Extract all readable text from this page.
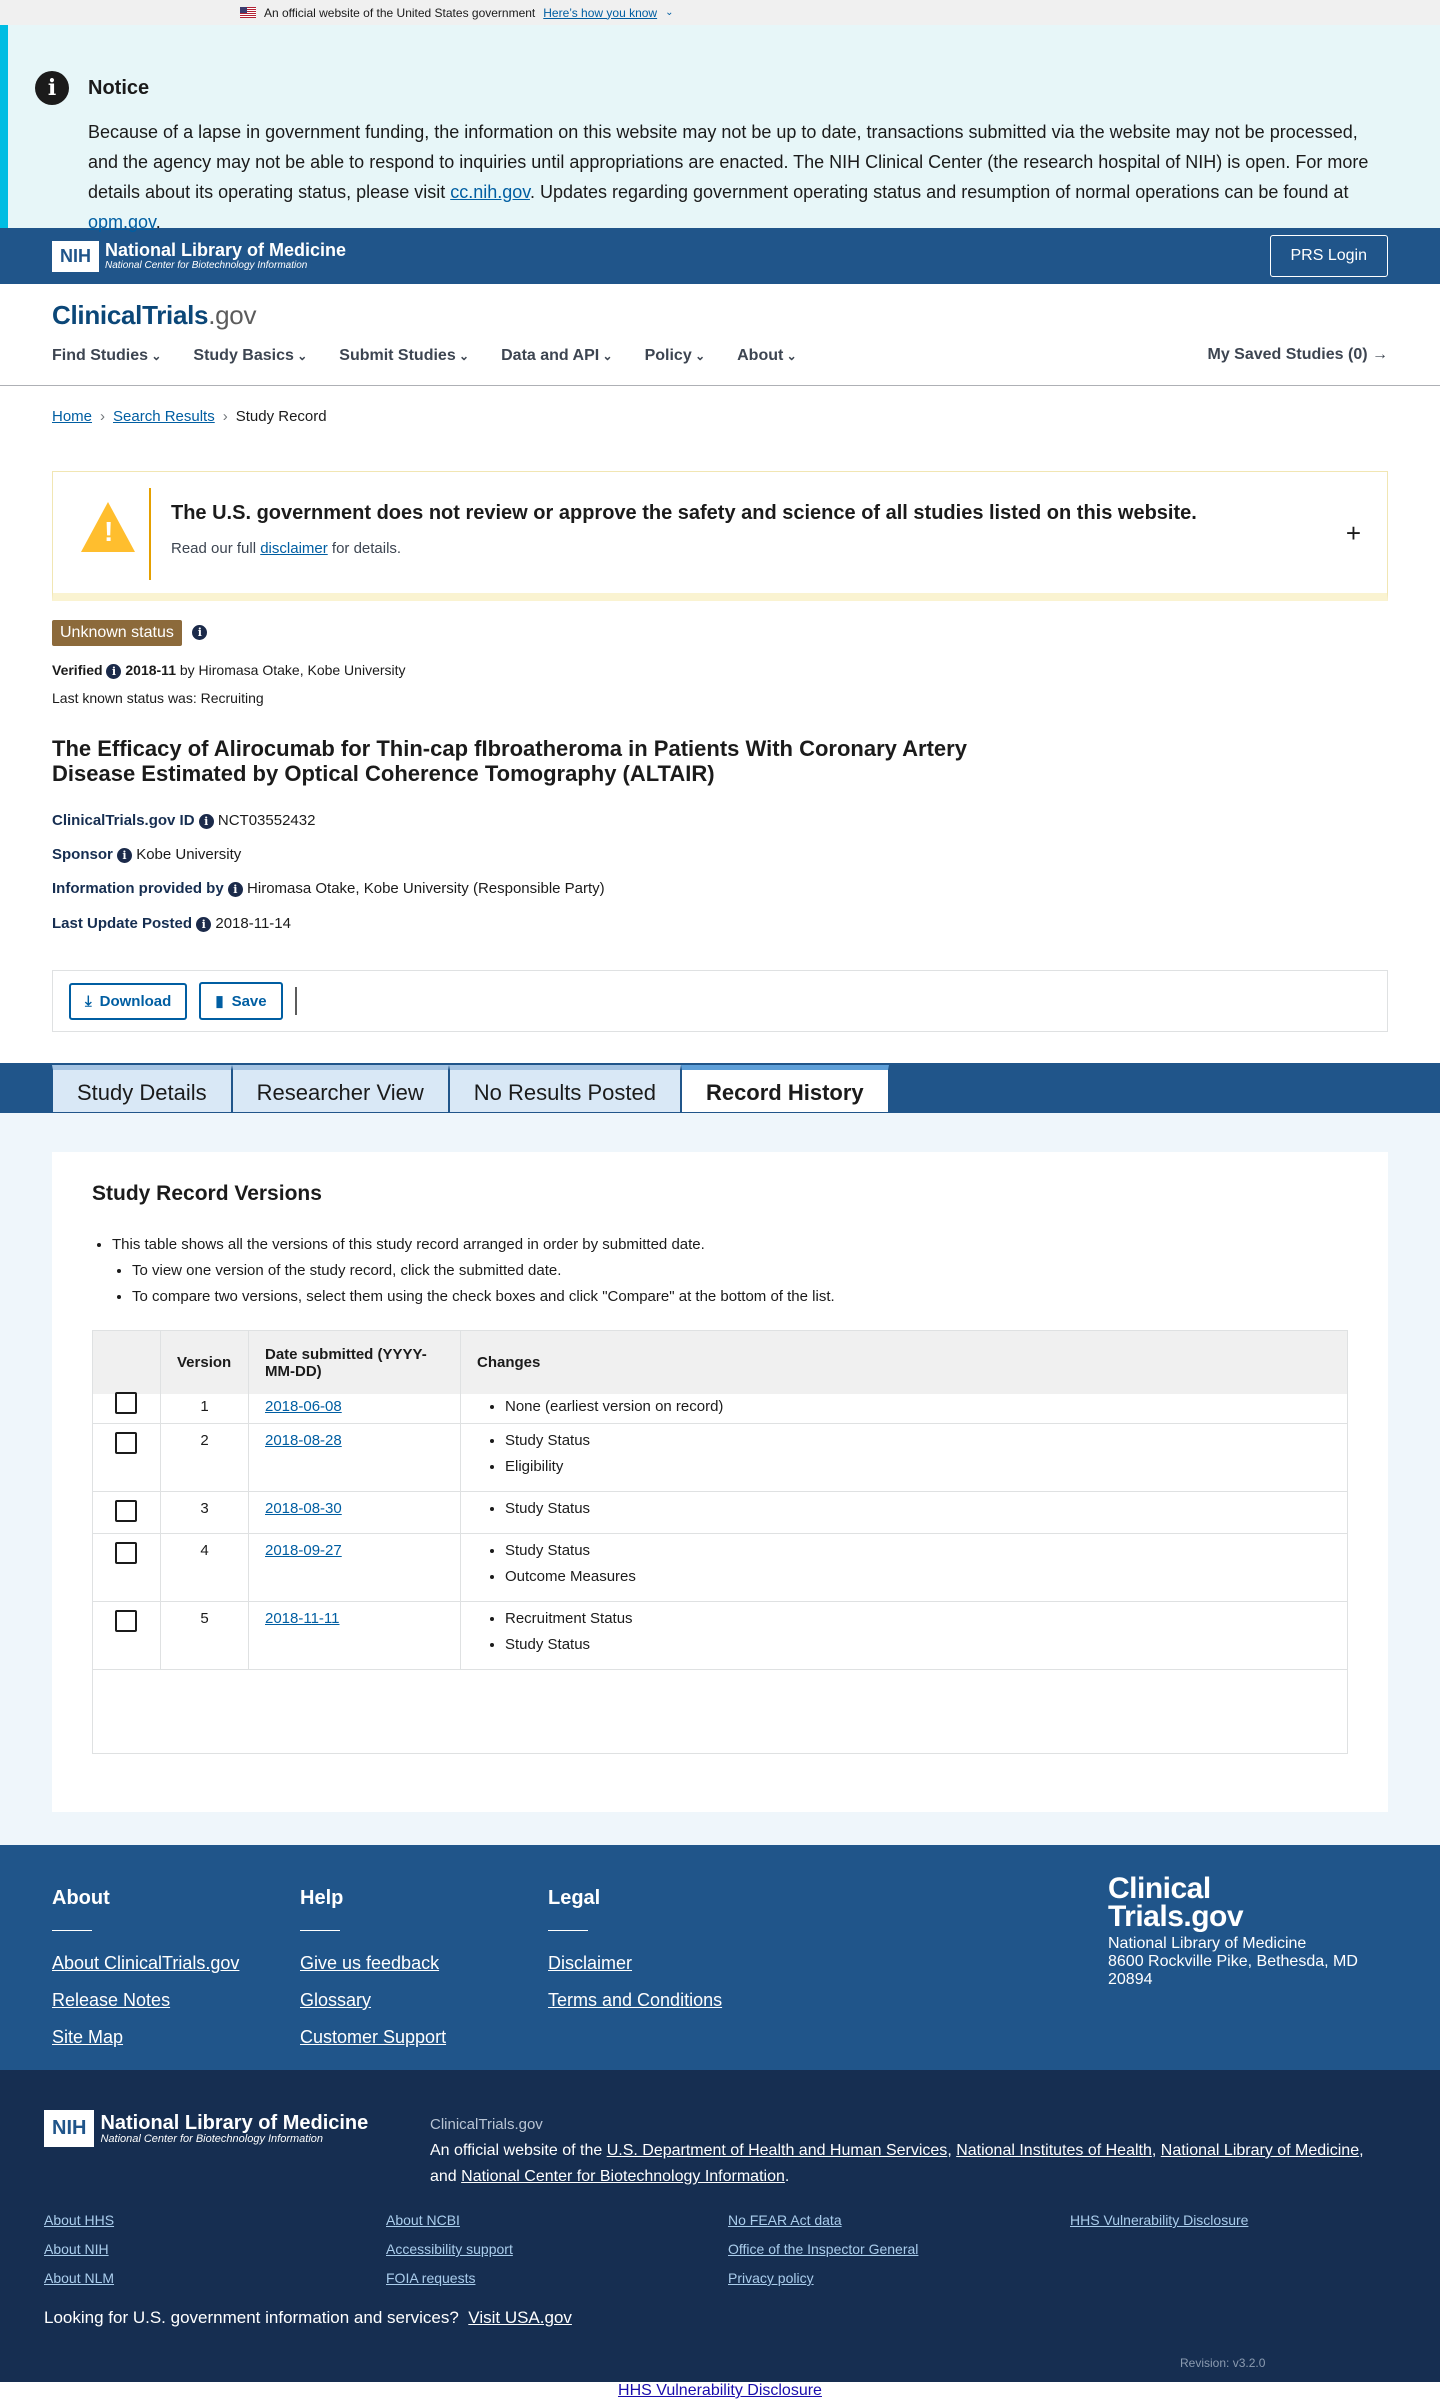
An official website of the United States government Here’s how you know ⌄
i	Notice

Because of a lapse in government funding, the information on this website may not be up to date, transactions submitted via the website may not be processed, and the agency may not be able to respond to inquiries until appropriations are enacted. The NIH Clinical Center (the research hospital of NIH) is open. For more details about its operating status, please visit cc.nih.gov. Updates regarding government operating status and resumption of normal operations can be found at opm.gov.

NIH National Library of Medicine
National Center for Biotechnology Information
PRS Login
ClinicalTrials.gov
Find Studies ⌄	Study Basics ⌄	Submit Studies ⌄	Data and API ⌄	Policy ⌄	About ⌄	My Saved Studies (0) →
Home › Search Results › Study Record
!
The U.S. government does not review or approve the safety and science of all studies listed on this website.

Read our full disclaimer for details.

+
Unknown status i
Verified i 2018-11 by Hiromasa Otake, Kobe University
Last known status was: Recruiting
The Efficacy of Alirocumab for Thin-cap fIbroatheroma in Patients With Coronary Artery Disease Estimated by Optical Coherence Tomography (ALTAIR)
ClinicalTrials.gov ID i NCT03552432
Sponsor i Kobe University
Information provided by i Hiromasa Otake, Kobe University (Responsible Party)
Last Update Posted i 2018-11-14
⤓ Download	▮ Save
Study Details	Researcher View	No Results Posted	Record History
Study Record Versions
• This table shows all the versions of this study record arranged in order by submitted date.
• To view one version of the study record, click the submitted date.
• To compare two versions, select them using the check boxes and click "Compare" at the bottom of the list.
Version	Date submitted (YYYY-MM-DD)	Changes
1	2018-06-08	• None (earliest version on record)
2	2018-08-28	• Study Status
• Eligibility
3	2018-08-30	• Study Status
4	2018-09-27	• Study Status
• Outcome Measures
5	2018-11-11	• Recruitment Status
• Study Status
About
About ClinicalTrials.gov
Release Notes
Site Map
Help
Give us feedback
Glossary
Customer Support
Legal
Disclaimer
Terms and Conditions
Clinical
Trials.gov
National Library of Medicine
8600 Rockville Pike, Bethesda, MD
20894
NIH National Library of Medicine
National Center for Biotechnology Information
ClinicalTrials.gov
An official website of the U.S. Department of Health and Human Services, National Institutes of Health, National Library of Medicine,
and National Center for Biotechnology Information.
About HHS
About NIH
About NLM
About NCBI
Accessibility support
FOIA requests
No FEAR Act data
Office of the Inspector General
Privacy policy
HHS Vulnerability Disclosure
Looking for U.S. government information and services? Visit USA.gov
Revision: v3.2.0
HHS Vulnerability Disclosure
